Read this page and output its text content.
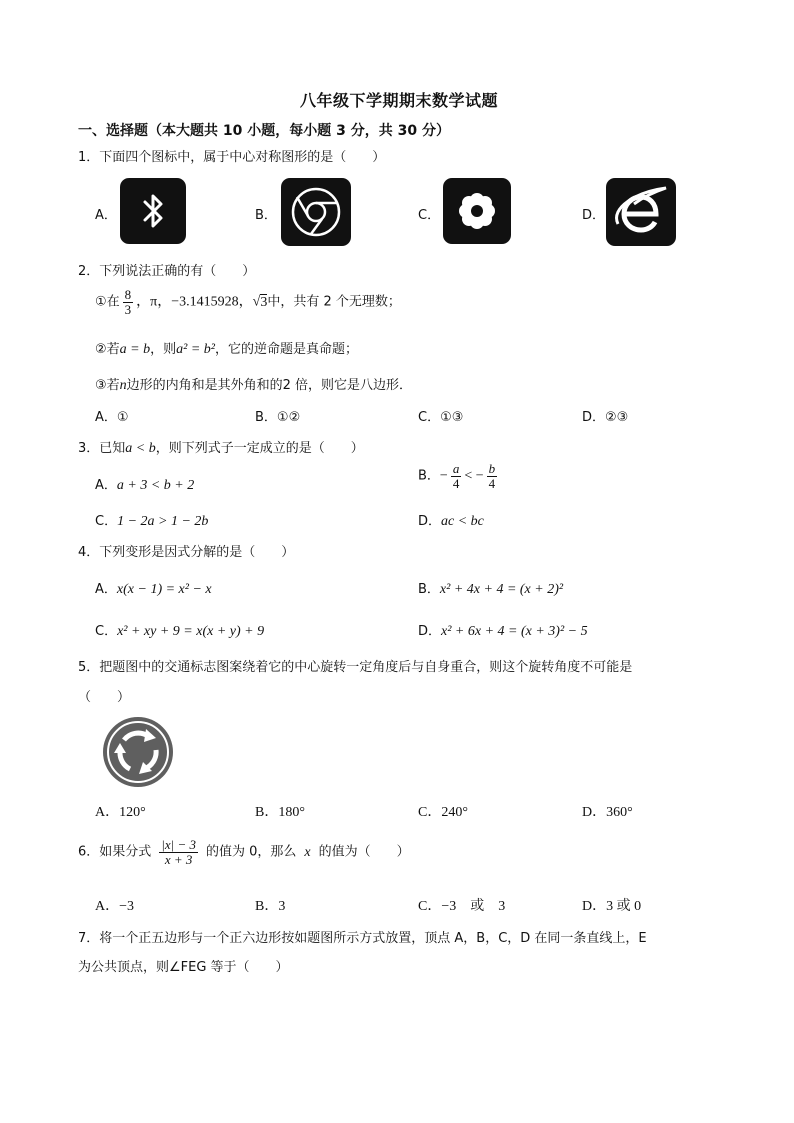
八年级下学期期末数学试题
一、选择题（本大题共 10 小题，每小题 3 分，共 30 分）
1．下面四个图标中，属于中心对称图形的是（　　）
A．	B．	C．	D．
2．下列说法正确的有（　　）
①在 $\frac{8}{3}$ ，π，−3.1415928，√3中，共有 2 个无理数；
②若a = b，则a² = b²，它的逆命题是真命题；
③若n边形的内角和是其外角和的2 倍，则它是八边形．
A．①	B．①②	C．①③	D．②③
3．已知a < b，则下列式子一定成立的是（　　）
A．a + 3 < b + 2
B．− $\frac{a}{4}$ < − $\frac{b}{4}$
C．1 − 2a > 1 − 2b	D．ac < bc
4．下列变形是因式分解的是（　　）
A．x(x − 1) = x² − x	B．x² + 4x + 4 = (x + 2)²
C．x² + xy + 9 = x(x + y) + 9	D．x² + 6x + 4 = (x + 3)² − 5
5．把题图中的交通标志图案绕着它的中心旋转一定角度后与自身重合，则这个旋转角度不可能是
（　　）
A．120°	B．180°	C．240°	D．360°
6．如果分式 $\frac{|x| - 3}{x + 3}$ 的值为 0，那么 x 的值为（　　）
A．−3	B．3	C．−3　或　3	D．3 或 0
7．将一个正五边形与一个正六边形按如题图所示方式放置，顶点 A，B，C，D 在同一条直线上，E
为公共顶点，则∠FEG 等于（　　）
